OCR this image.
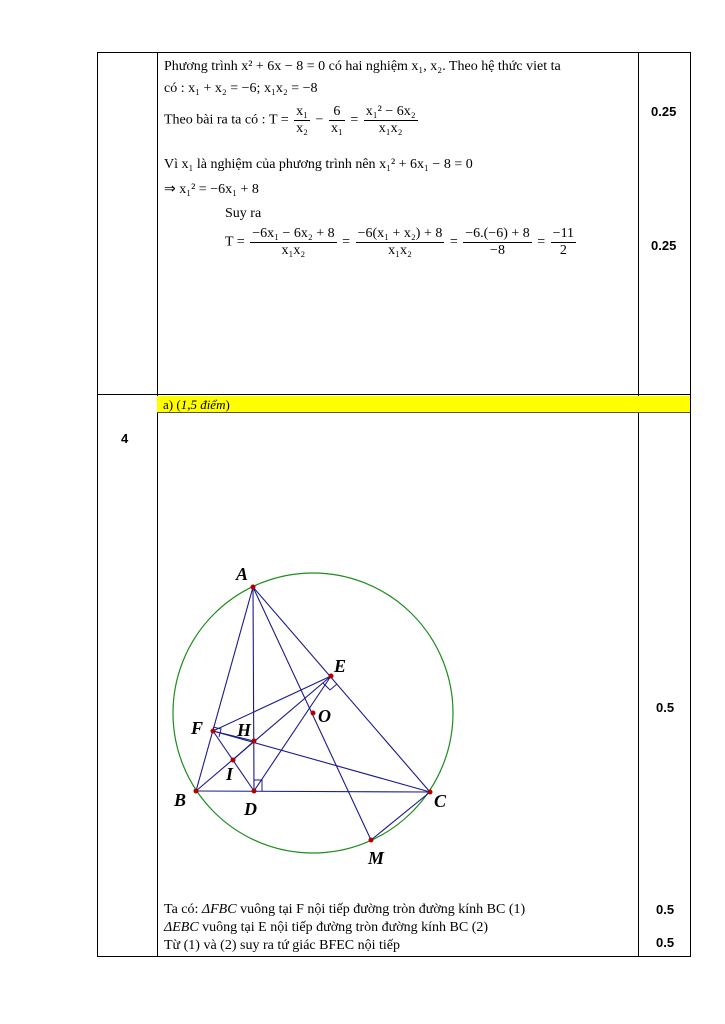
Phương trình x² + 6x − 8 = 0 có hai nghiệm x₁, x₂. Theo hệ thức viet ta
có : x₁ + x₂ = −6; x₁x₂ = −8
Theo bài ra ta có : $T = \frac{\text{x₁}}{\text{x₂}} - \frac{6}{\text{x₁}} = \frac{\text{x₁² − 6x₂}}{\text{x₁x₂}}$
Vì x₁ là nghiệm của phương trình nên x₁² + 6x₁ − 8 = 0
⇒ x₁² = −6x₁ + 8
Suy ra
$T = \frac{\text{−6x₁ − 6x₂ + 8}}{\text{x₁x₂}} = \frac{\text{−6(x₁ + x₂) + 8}}{\text{x₁x₂}} = \frac{-6.(-6) + 8}{-8} = \frac{-11}{2}$
0.25
0.25
0.5
0.5
0.5
4
a) (1,5 điểm)
A
E
O
F H
I
B	D	C
M
Ta có: ΔFBC vuông tại F nội tiếp đường tròn đường kính BC (1)
ΔEBC vuông tại E nội tiếp đường tròn đường kính BC (2)
Từ (1) và (2) suy ra tứ giác BFEC nội tiếp
